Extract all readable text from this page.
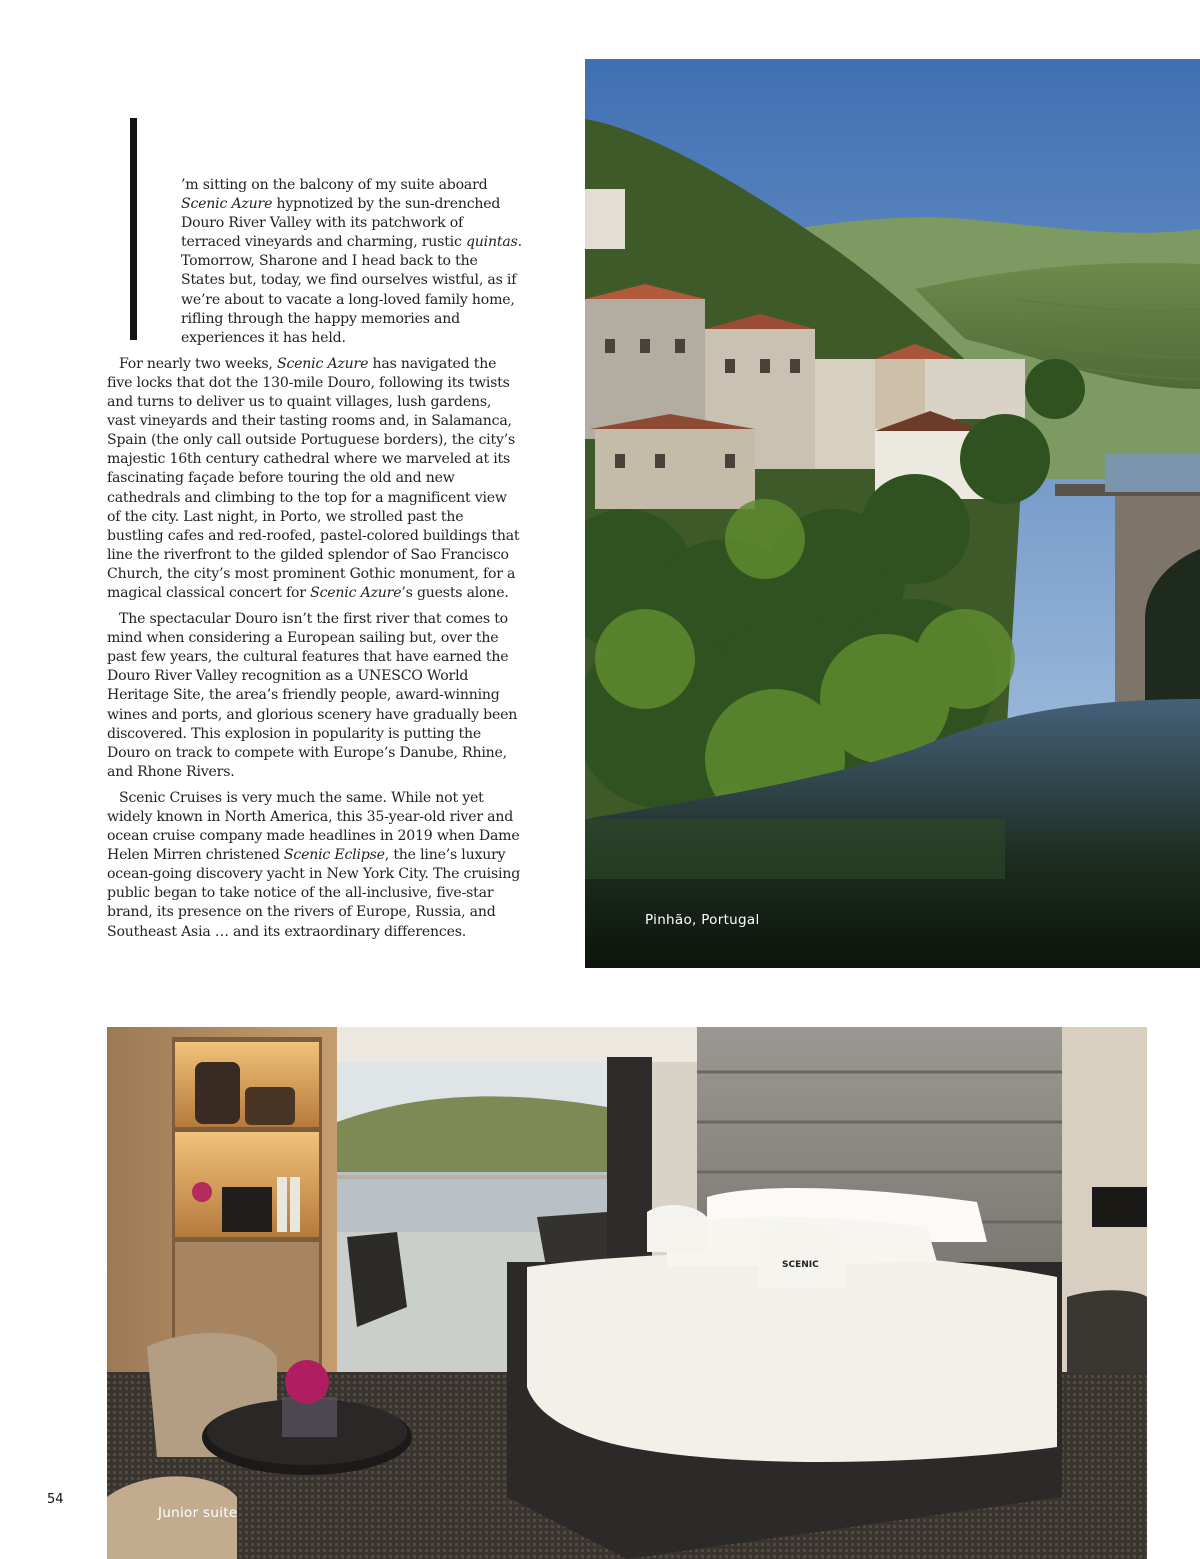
’m sitting on the balcony of my suite aboard Scenic Azure hypnotized by the sun-drenched Douro River Valley with its patchwork of terraced vineyards and charming, rustic quintas. Tomorrow, Sharone and I head back to the States but, today, we find ourselves wistful, as if we’re about to vacate a long-loved family home, rifling through the happy memories and experiences it has held.

For nearly two weeks, Scenic Azure has navigated the five locks that dot the 130-mile Douro, following its twists and turns to deliver us to quaint villages, lush gardens, vast vineyards and their tasting rooms and, in Salamanca, Spain (the only call outside Portuguese borders), the city’s majestic 16th century cathedral where we marveled at its fascinating façade before touring the old and new cathedrals and climbing to the top for a magnificent view of the city. Last night, in Porto, we strolled past the bustling cafes and red-roofed, pastel-colored buildings that line the riverfront to the gilded splendor of Sao Francisco Church, the city’s most prominent Gothic monument, for a magical classical concert for Scenic Azure’s guests alone.

The spectacular Douro isn’t the first river that comes to mind when considering a European sailing but, over the past few years, the cultural features that have earned the Douro River Valley recognition as a UNESCO World Heritage Site, the area’s friendly people, award-winning wines and ports, and glorious scenery have gradually been discovered. This explosion in popularity is putting the Douro on track to compete with Europe’s Danube, Rhine, and Rhone Rivers.

Scenic Cruises is very much the same. While not yet widely known in North America, this 35-year-old river and ocean cruise company made headlines in 2019 when Dame Helen Mirren christened Scenic Eclipse, the line’s luxury ocean-going discovery yacht in New York City. The cruising public began to take notice of the all-inclusive, five-star brand, its presence on the rivers of Europe, Russia, and Southeast Asia … and its extraordinary differences.

Pinhão, Portugal
SCENIC
Junior suite
54
